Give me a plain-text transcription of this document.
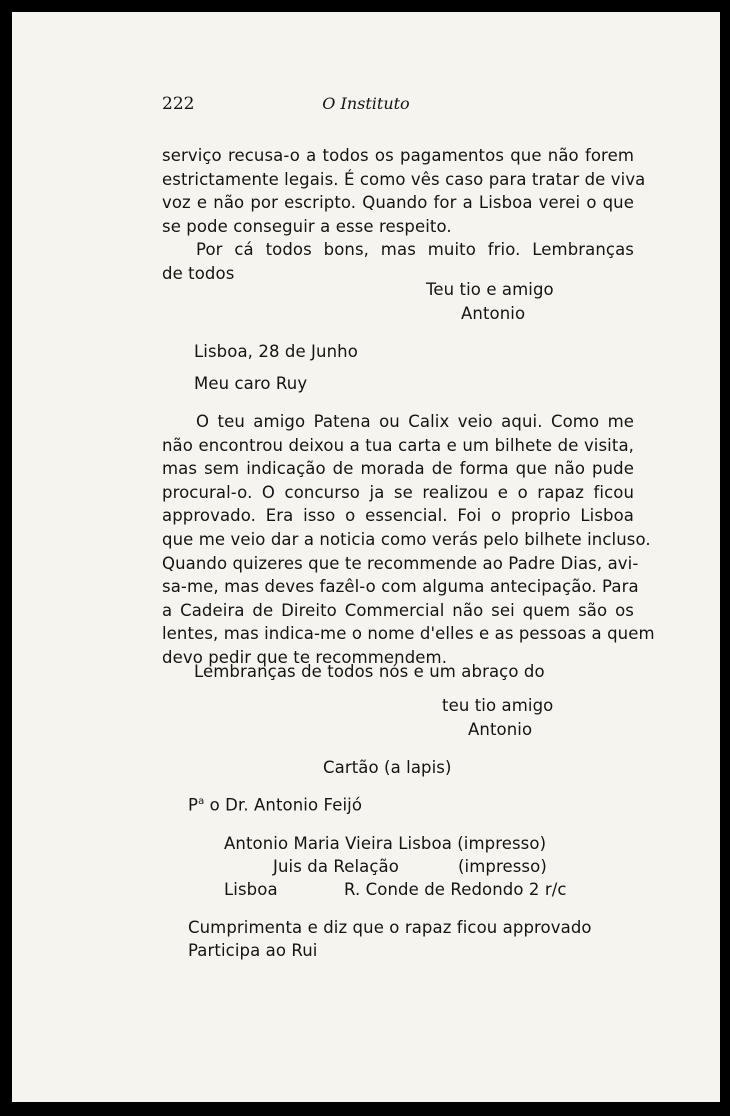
222	O Instituto
serviço recusa-o a todos os pagamentos que não forem
estrictamente legais. É como vês caso para tratar de viva
voz e não por escripto. Quando for a Lisboa verei o que
se pode conseguir a esse respeito.
Por cá todos bons, mas muito frio. Lembranças
de todos
Teu tio e amigo
Antonio
Lisboa, 28 de Junho
Meu caro Ruy
O teu amigo Patena ou Calix veio aqui. Como me
não encontrou deixou a tua carta e um bilhete de visita,
mas sem indicação de morada de forma que não pude
procural-o. O concurso ja se realizou e o rapaz ficou
approvado. Era isso o essencial. Foi o proprio Lisboa
que me veio dar a noticia como verás pelo bilhete incluso.
Quando quizeres que te recommende ao Padre Dias, avi-
sa-me, mas deves fazêl-o com alguma antecipação. Para
a Cadeira de Direito Commercial não sei quem são os
lentes, mas indica-me o nome d'elles e as pessoas a quem
devo pedir que te recommendem.
Lembranças de todos nós e um abraço do
teu tio amigo
Antonio
Cartão (a lapis)
$P^a$ o Dr. Antonio Feijó
Antonio Maria Vieira Lisboa (impresso)
Juis da Relação	(impresso)
Lisboa	R. Conde de Redondo 2 r/c
Cumprimenta e diz que o rapaz ficou approvado
Participa ao Rui
